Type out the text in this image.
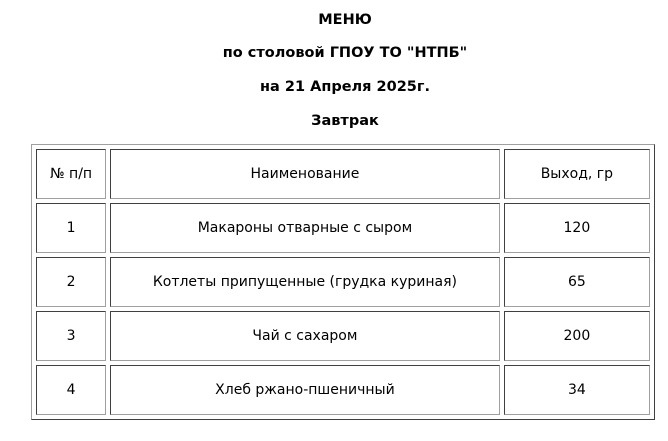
МЕНЮ
по столовой ГПОУ ТО "НТПБ"
на 21 Апреля 2025г.
Завтрак
№ п/п	Наименование	Выход, гр
1	Макароны отварные с сыром	120
2	Котлеты припущенные (грудка куриная)	65
3	Чай с сахаром	200
4	Хлеб ржано-пшеничный	34
